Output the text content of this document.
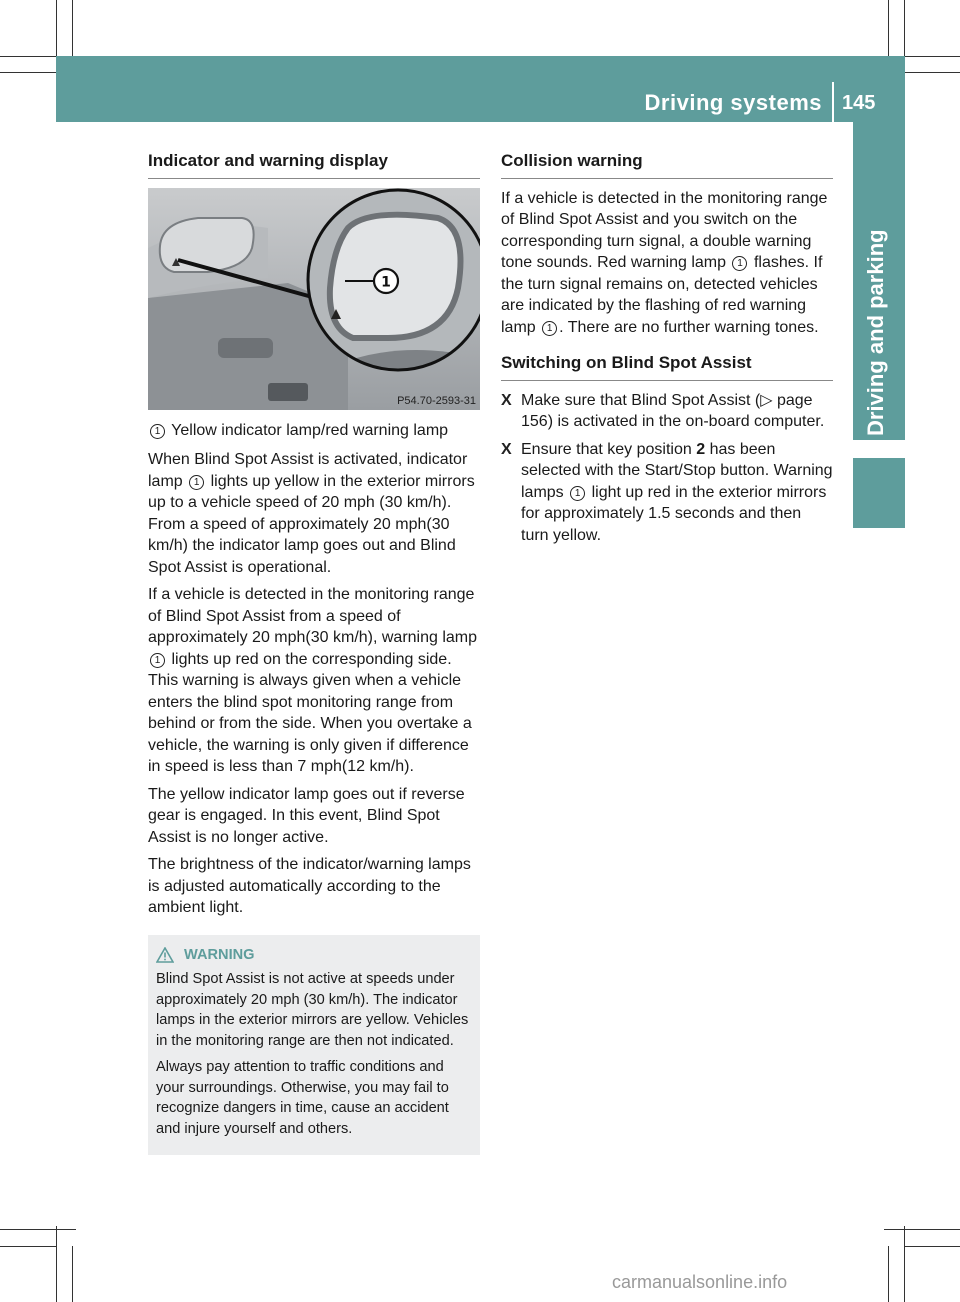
Driving systems 145
Driving and parking
Indicator and warning display
1
P54.70-2593-31
1 Yellow indicator lamp/red warning lamp

When Blind Spot Assist is activated, indicator lamp 1 lights up yellow in the exterior mirrors up to a vehicle speed of 20 mph (30 km/h). From a speed of approximately 20 mph(30 km/h) the indicator lamp goes out and Blind Spot Assist is operational.

If a vehicle is detected in the monitoring range of Blind Spot Assist from a speed of approximately 20 mph(30 km/h), warning lamp 1 lights up red on the corresponding side. This warning is always given when a vehicle enters the blind spot monitoring range from behind or from the side. When you overtake a vehicle, the warning is only given if difference in speed is less than 7 mph(12 km/h).

The yellow indicator lamp goes out if reverse gear is engaged. In this event, Blind Spot Assist is no longer active.

The brightness of the indicator/warning lamps is adjusted automatically according to the ambient light.

WARNING

Blind Spot Assist is not active at speeds under approximately 20 mph (30 km/h). The indicator lamps in the exterior mirrors are yellow. Vehicles in the monitoring range are then not indicated.

Always pay attention to traffic conditions and your surroundings. Otherwise, you may fail to recognize dangers in time, cause an accident and injure yourself and others.

Collision warning

If a vehicle is detected in the monitoring range of Blind Spot Assist and you switch on the corresponding turn signal, a double warning tone sounds. Red warning lamp 1 flashes. If the turn signal remains on, detected vehicles are indicated by the flashing of red warning lamp 1 . There are no further warning tones.

Switching on Blind Spot Assist
X Make sure that Blind Spot Assist (▷ page 156) is activated in the on-board computer.
X Ensure that key position 2 has been selected with the Start/Stop button. Warning lamps 1 light up red in the exterior mirrors for approximately 1.5 seconds and then turn yellow.
carmanualsonline.info
